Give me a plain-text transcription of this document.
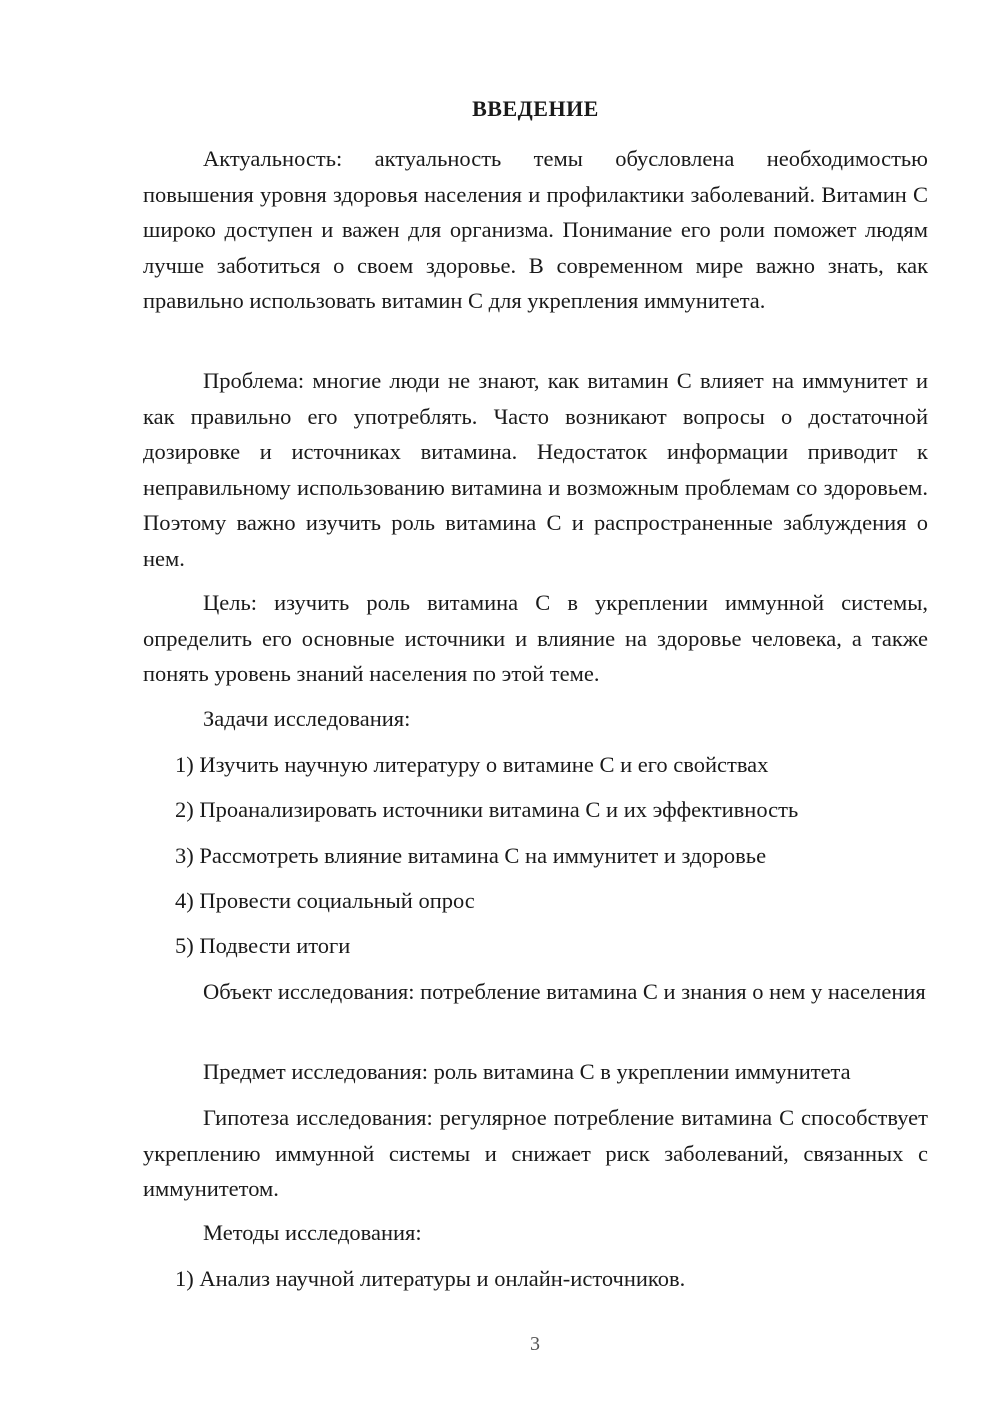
ВВЕДЕНИЕ

Актуальность: актуальность темы обусловлена необходимостью повышения уровня здоровья населения и профилактики заболеваний. Витамин С широко доступен и важен для организма. Понимание его роли поможет людям лучше заботиться о своем здоровье. В современном мире важно знать, как правильно использовать витамин С для укрепления иммунитета.

Проблема: многие люди не знают, как витамин С влияет на иммунитет и как правильно его употреблять. Часто возникают вопросы о достаточной дозировке и источниках витамина. Недостаток информации приводит к неправильному использованию витамина и возможным проблемам со здоровьем. Поэтому важно изучить роль витамина С и распространенные заблуждения о нем.

Цель: изучить роль витамина С в укреплении иммунной системы, определить его основные источники и влияние на здоровье человека, а также понять уровень знаний населения по этой теме.

Задачи исследования:

1) Изучить научную литературу о витамине С и его свойствах

2) Проанализировать источники витамина С и их эффективность

3) Рассмотреть влияние витамина С на иммунитет и здоровье

4) Провести социальный опрос

5) Подвести итоги

Объект исследования: потребление витамина С и знания о нем у населения

Предмет исследования: роль витамина С в укреплении иммунитета

Гипотеза исследования: регулярное потребление витамина С способствует укреплению иммунной системы и снижает риск заболеваний, связанных с иммунитетом.

Методы исследования:

1) Анализ научной литературы и онлайн-источников.

3
